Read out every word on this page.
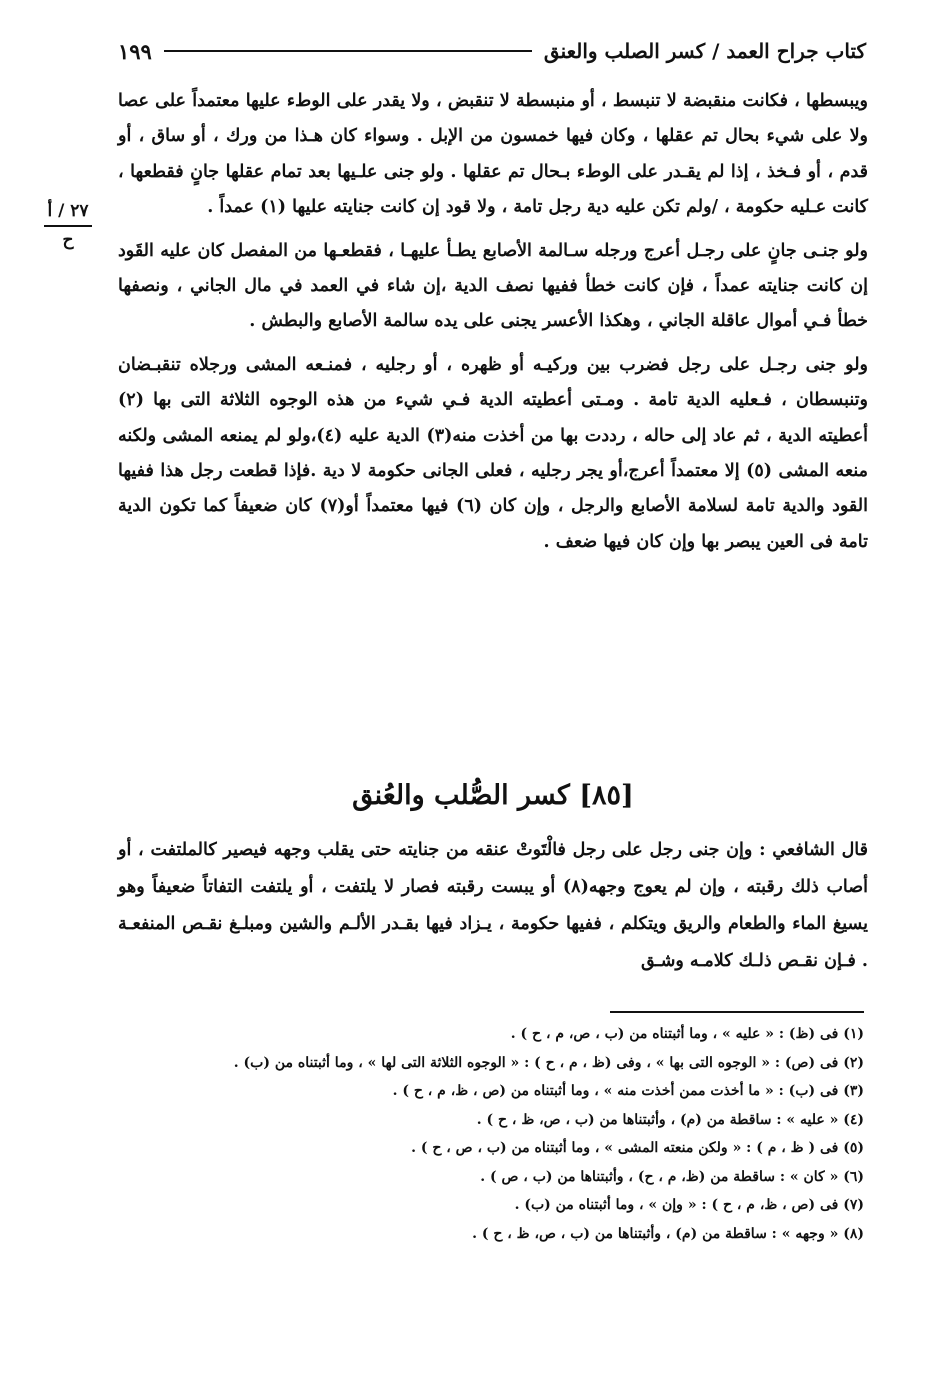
كتاب جراح العمد / كسر الصلب والعنق
١٩٩
٢٧ / أ
ح

ويبسطها ، فكانت منقبضة لا تنبسط ، أو منبسطة لا تنقبض ، ولا يقدر على الوطء عليها معتمداً على عصا ولا على شيء بحال تم عقلها ، وكان فيها خمسون من الإبل . وسواء كان هـذا من ورك ، أو ساق ، أو قدم ، أو فـخذ ، إذا لم يقـدر على الوطء بـحال تم عقلها . ولو جنى علـيها بعد تمام عقلها جانٍ فقطعها ، كانت عـليه حكومة ، /ولم تكن عليه دية رجل تامة ، ولا قود إن كانت جنايته عليها (١) عمداً .

ولو جنـى جانٍ على رجـل أعرج ورجله سـالمة الأصابع يطـأ عليهـا ، فقطعـها من المفصل كان عليه القَود إن كانت جنايته عمداً ، فإن كانت خطأ ففيها نصف الدية ،إن شاء في العمد في مال الجاني ، ونصفها خطأ فـي أموال عاقلة الجاني ، وهكذا الأعسر يجنى على يده سالمة الأصابع والبطش .

ولو جنى رجـل على رجل فضرب بين وركيـه أو ظهره ، أو رجليه ، فمنـعه المشى ورجلاه تنقبـضان وتنبسطان ، فـعليه الدية تامة . ومـتى أعطيته الدية فـي شيء من هذه الوجوه الثلاثة التى بها (٢) أعطيته الدية ، ثم عاد إلى حاله ، رددت بها من أخذت منه(٣) الدية عليه (٤)،ولو لم يمنعه المشى ولكنه منعه المشى (٥) إلا معتمداً أعرج،أو يجر رجليه ، فعلى الجانى حكومة لا دية .فإذا قطعت رجل هذا ففيها القود والدية تامة لسلامة الأصابع والرجل ، وإن كان (٦) فيها معتمداً أو(٧) كان ضعيفاً كما تكون الدية تامة فى العين يبصر بها وإن كان فيها ضعف .

[٨٥] كسر الصُّلب والعُنق

قال الشافعي : وإن جنى رجل على رجل فالْتَوتْ عنقه من جنايته حتى يقلب وجهه فيصير كالملتفت ، أو أصاب ذلك رقبته ، وإن لم يعوج وجهه(٨) أو يبست رقبته فصار لا يلتفت ، أو يلتفت التفاتاً ضعيفاً وهو يسيغ الماء والطعام والريق ويتكلم ، ففيها حكومة ، يـزاد فيها بقـدر الألـم والشين ومبلـغ نقـص المنفعـة . فـإن نقـص ذلـك كلامـه وشـق

(١) فى (ظ) : « عليه » ، وما أثبتناه من (ب ، ص، م ، ح ) .

(٢) فى (ص) : « الوجوه التى بها » ، وفى (ظ ، م ، ح ) : « الوجوه الثلاثة التى لها » ، وما أثبتناه من (ب) .

(٣) فى (ب) : « ما أخذت ممن أخذت منه » ، وما أثبتناه من (ص ، ظ، م ، ح ) .

(٤) « عليه » : ساقطة من (م) ، وأثبتناها من (ب ، ص، ظ ، ح ) .

(٥) فى ( ظ ، م ) : « ولكن منعته المشى » ، وما أثبتناه من (ب ، ص ، ح ) .

(٦) « كان » : ساقطة من (ظ، م ، ح) ، وأثبتناها من (ب ، ص ) .

(٧) فى (ص ، ظ، م ، ح ) : « وإن » ، وما أثبتناه من (ب) .

(٨) « وجهه » : ساقطة من (م) ، وأثبتناها من (ب ، ص، ظ ، ح ) .
